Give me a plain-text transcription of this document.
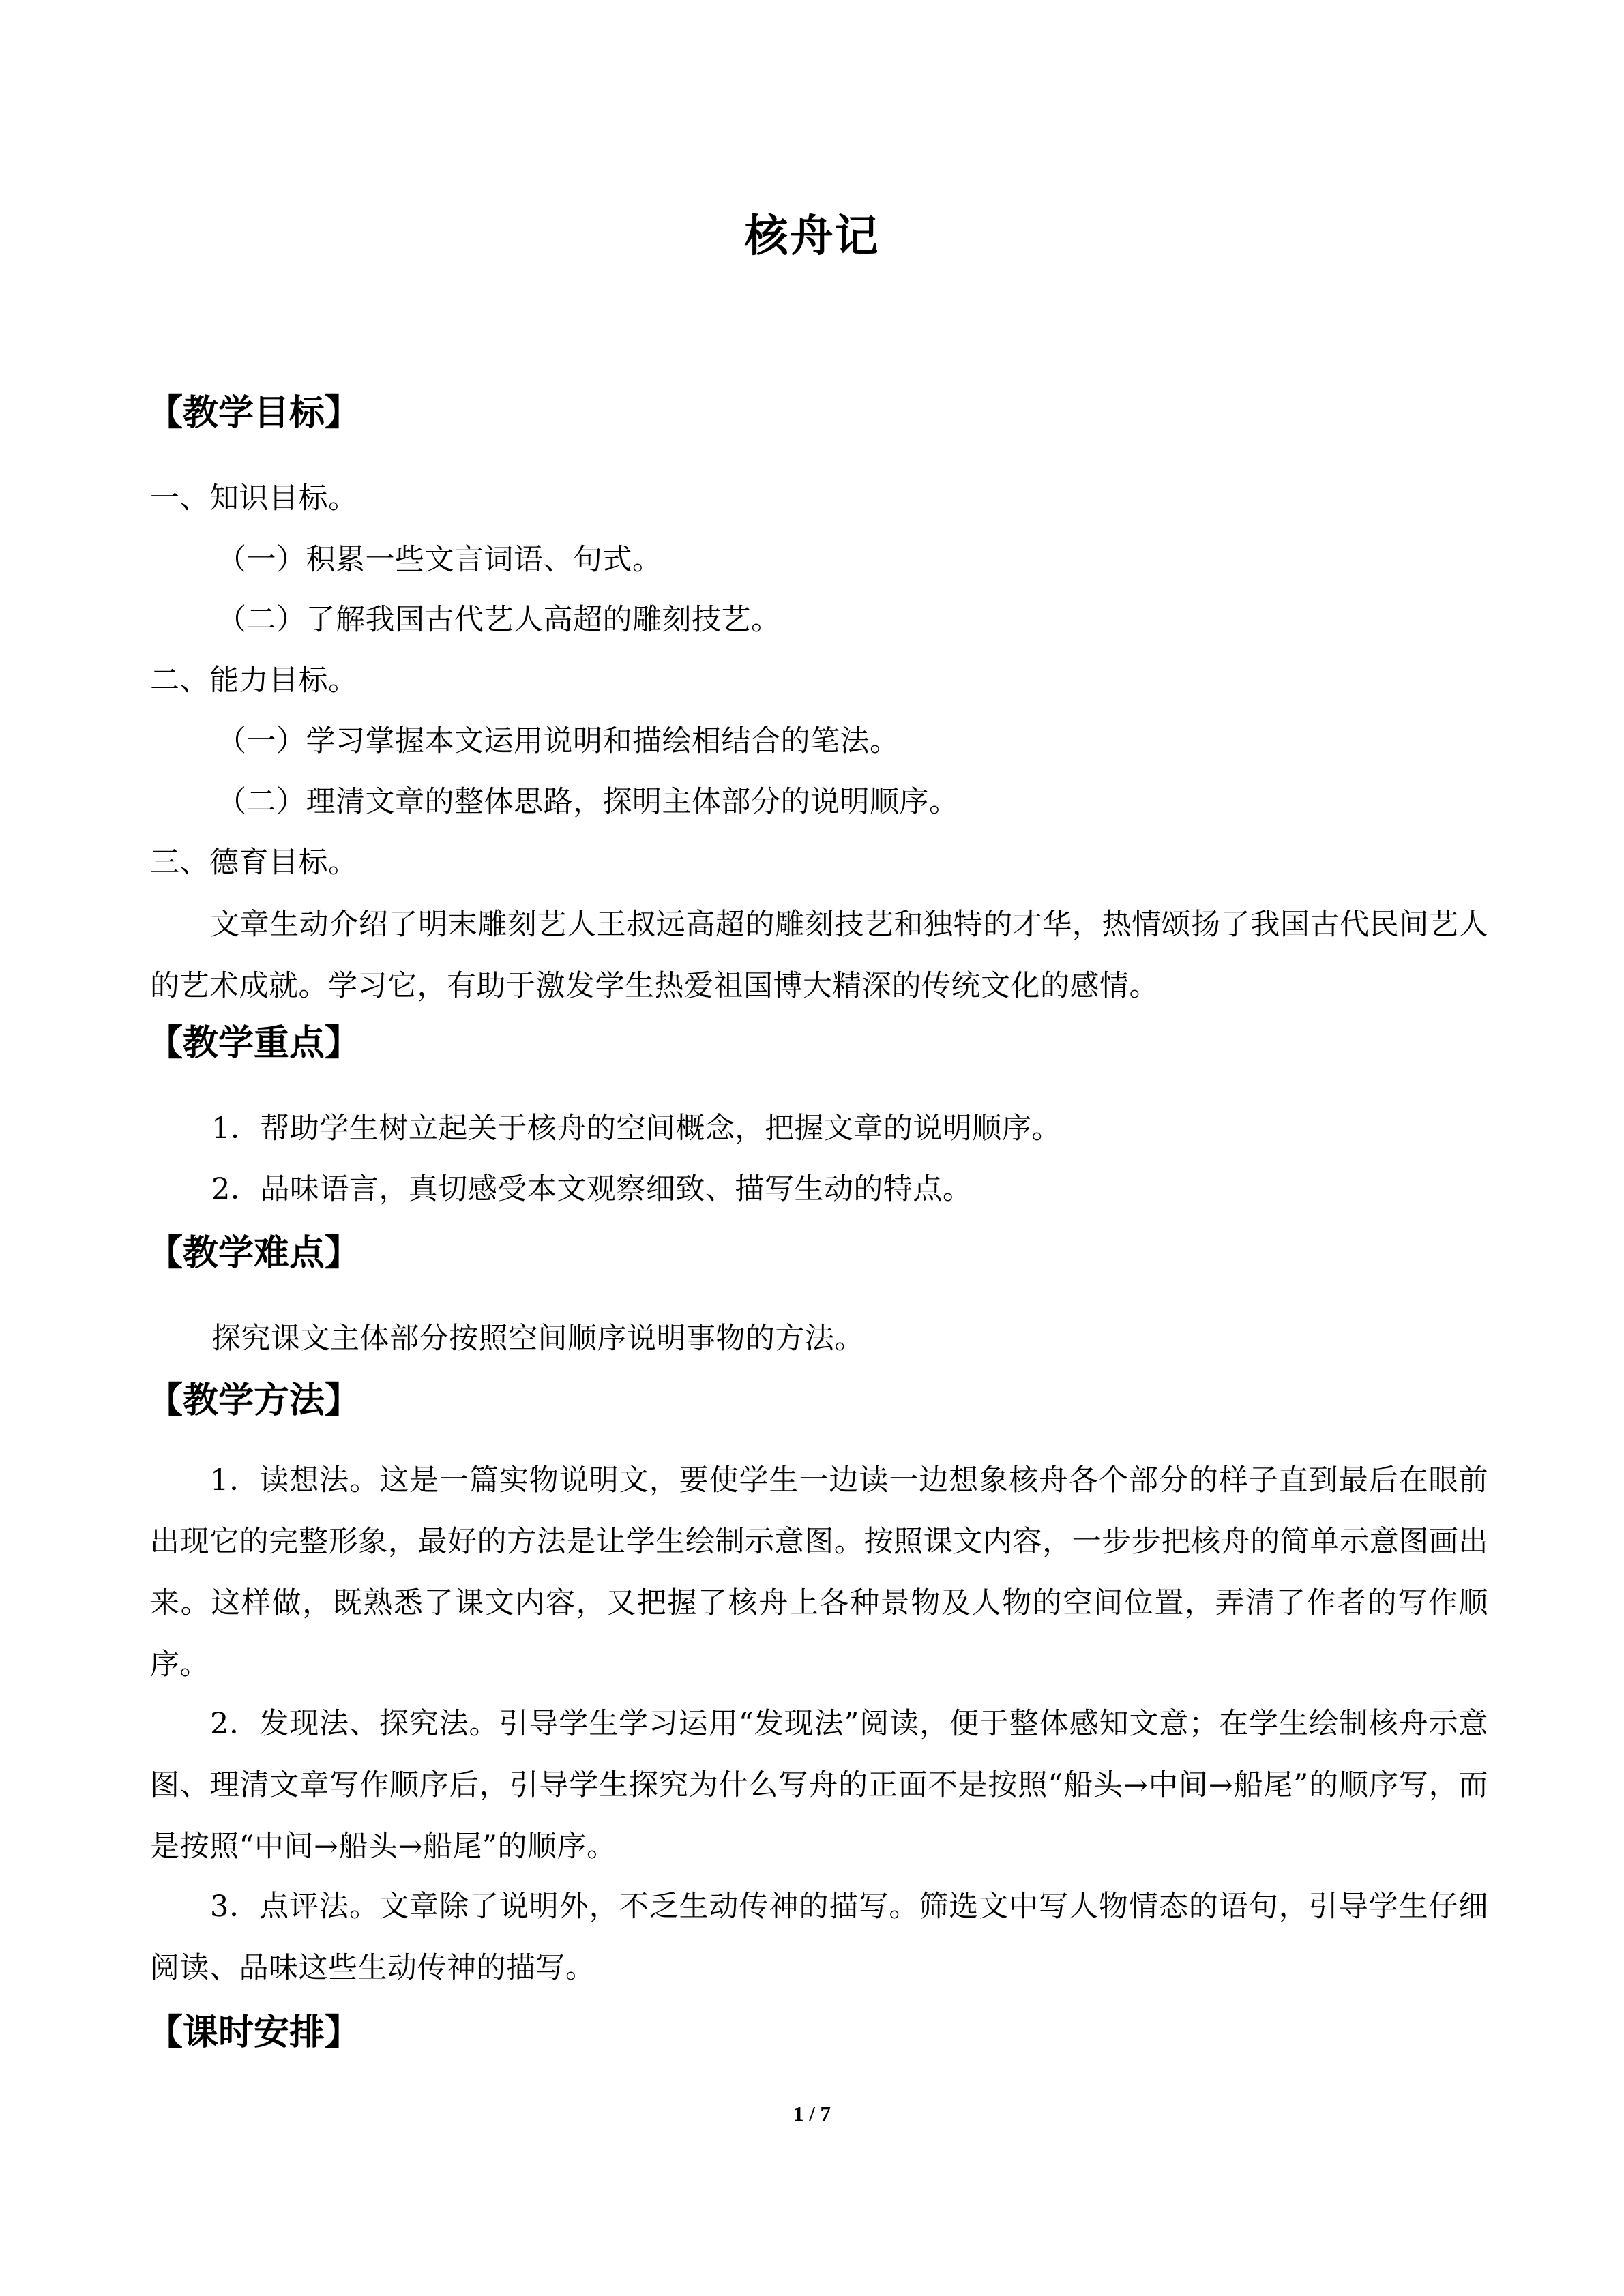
核舟记
【教学目标】
一、知识目标。
（一）积累一些文言词语、句式。
（二）了解我国古代艺人高超的雕刻技艺。
二、能力目标。
（一）学习掌握本文运用说明和描绘相结合的笔法。
（二）理清文章的整体思路，探明主体部分的说明顺序。
三、德育目标。

文章生动介绍了明末雕刻艺人王叔远高超的雕刻技艺和独特的才华，热情颂扬了我国古代民间艺人的艺术成就。学习它，有助于激发学生热爱祖国博大精深的传统文化的感情。

【教学重点】
1．帮助学生树立起关于核舟的空间概念，把握文章的说明顺序。
2．品味语言，真切感受本文观察细致、描写生动的特点。
【教学难点】
探究课文主体部分按照空间顺序说明事物的方法。
【教学方法】

1．读想法。这是一篇实物说明文，要使学生一边读一边想象核舟各个部分的样子直到最后在眼前出现它的完整形象，最好的方法是让学生绘制示意图。按照课文内容，一步步把核舟的简单示意图画出来。这样做，既熟悉了课文内容，又把握了核舟上各种景物及人物的空间位置，弄清了作者的写作顺序。

2．发现法、探究法。引导学生学习运用“发现法”阅读，便于整体感知文意；在学生绘制核舟示意图、理清文章写作顺序后，引导学生探究为什么写舟的正面不是按照“船头→中间→船尾”的顺序写，而是按照“中间→船头→船尾”的顺序。

3．点评法。文章除了说明外，不乏生动传神的描写。筛选文中写人物情态的语句，引导学生仔细阅读、品味这些生动传神的描写。

【课时安排】
1 / 7
